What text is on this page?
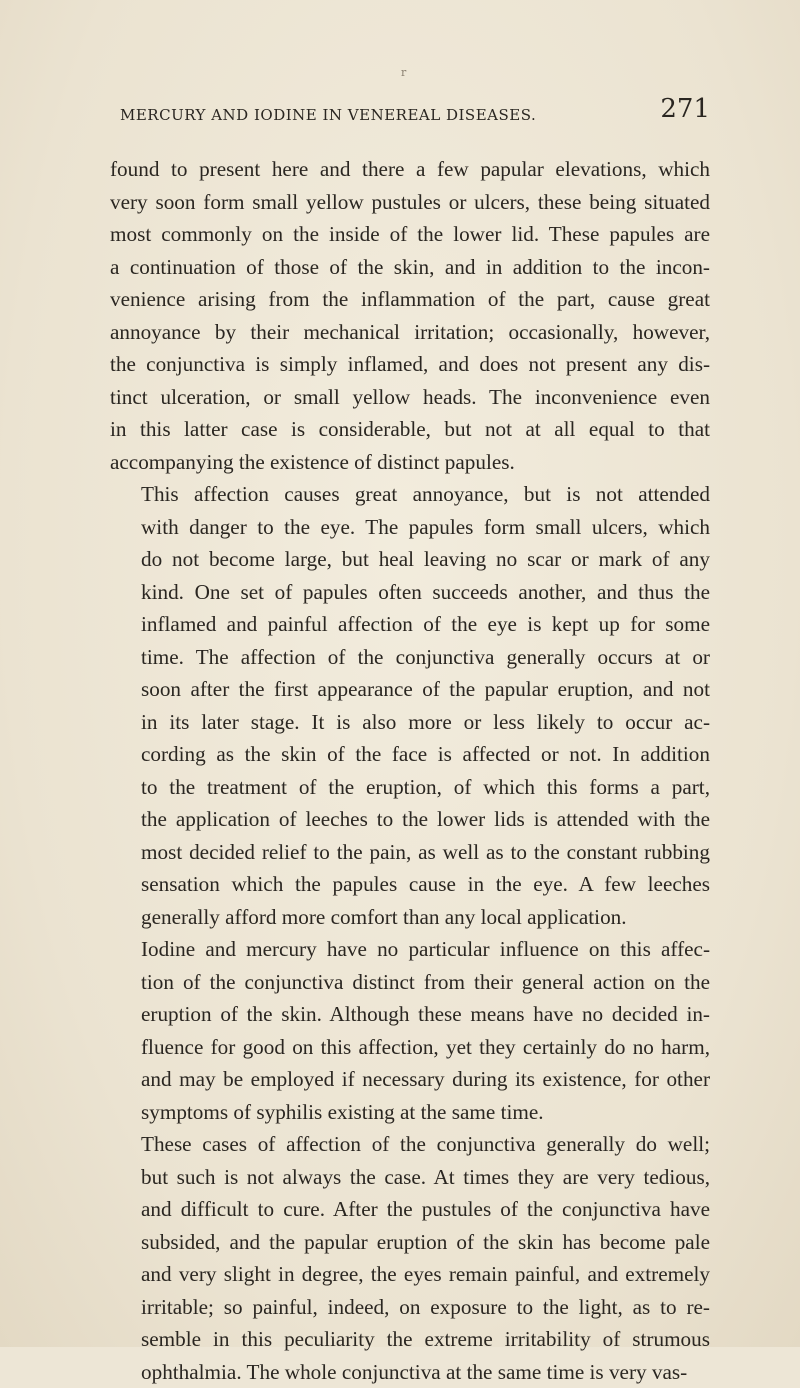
r
MERCURY AND IODINE IN VENEREAL DISEASES.	271

found to present here and there a few papular elevations, which
very soon form small yellow pustules or ulcers, these being situated
most commonly on the inside of the lower lid. These papules are
a continuation of those of the skin, and in addition to the incon-
venience arising from the inflammation of the part, cause great
annoyance by their mechanical irritation; occasionally, however,
the conjunctiva is simply inflamed, and does not present any dis-
tinct ulceration, or small yellow heads. The inconvenience even
in this latter case is considerable, but not at all equal to that
accompanying the existence of distinct papules.

This affection causes great annoyance, but is not attended
with danger to the eye. The papules form small ulcers, which
do not become large, but heal leaving no scar or mark of any
kind. One set of papules often succeeds another, and thus the
inflamed and painful affection of the eye is kept up for some
time. The affection of the conjunctiva generally occurs at or
soon after the first appearance of the papular eruption, and not
in its later stage. It is also more or less likely to occur ac-
cording as the skin of the face is affected or not. In addition
to the treatment of the eruption, of which this forms a part,
the application of leeches to the lower lids is attended with the
most decided relief to the pain, as well as to the constant rubbing
sensation which the papules cause in the eye. A few leeches
generally afford more comfort than any local application.

Iodine and mercury have no particular influence on this affec-
tion of the conjunctiva distinct from their general action on the
eruption of the skin. Although these means have no decided in-
fluence for good on this affection, yet they certainly do no harm,
and may be employed if necessary during its existence, for other
symptoms of syphilis existing at the same time.

These cases of affection of the conjunctiva generally do well;
but such is not always the case. At times they are very tedious,
and difficult to cure. After the pustules of the conjunctiva have
subsided, and the papular eruption of the skin has become pale
and very slight in degree, the eyes remain painful, and extremely
irritable; so painful, indeed, on exposure to the light, as to re-
semble in this peculiarity the extreme irritability of strumous
ophthalmia. The whole conjunctiva at the same time is very vas-
